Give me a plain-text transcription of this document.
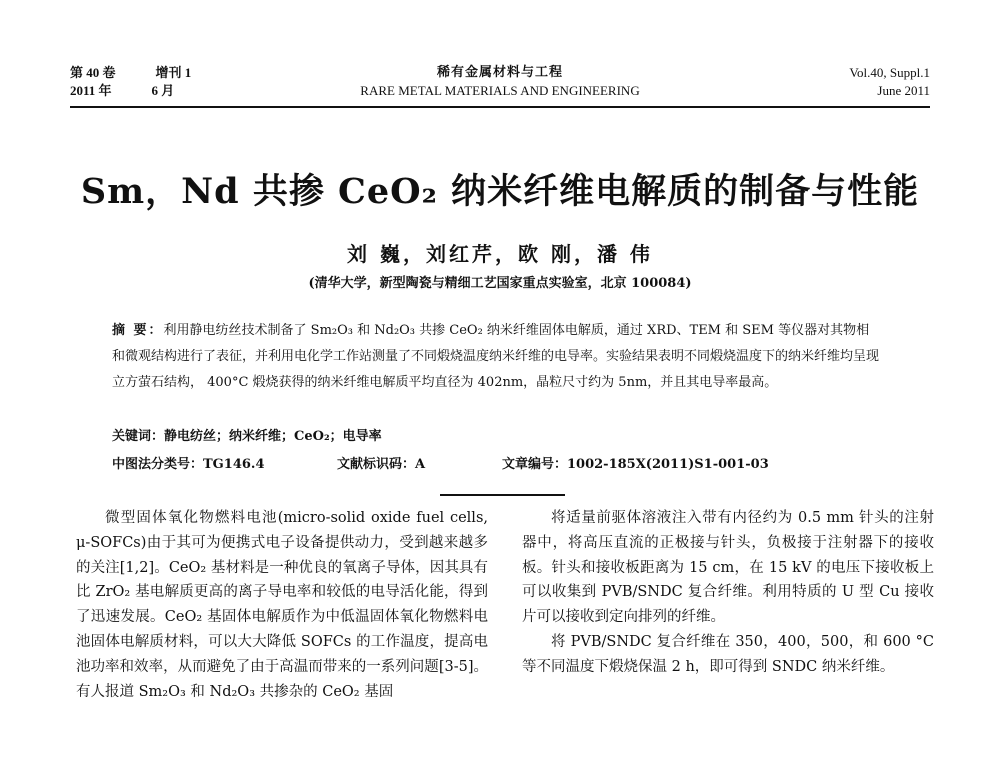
第 40 卷	增刊 1
2011 年	6 月
稀有金属材料与工程
RARE METAL MATERIALS AND ENGINEERING
Vol.40, Suppl.1
June 2011
Sm，Nd 共掺 CeO₂ 纳米纤维电解质的制备与性能
刘 巍，刘红芹，欧 刚，潘 伟
(清华大学，新型陶瓷与精细工艺国家重点实验室，北京 100084)
摘 要：利用静电纺丝技术制备了 Sm₂O₃ 和 Nd₂O₃ 共掺 CeO₂ 纳米纤维固体电解质，通过 XRD、TEM 和 SEM 等仪器对其物相和微观结构进行了表征，并利用电化学工作站测量了不同煅烧温度纳米纤维的电导率。实验结果表明不同煅烧温度下的纳米纤维均呈现立方萤石结构， 400°C 煅烧获得的纳米纤维电解质平均直径为 402nm，晶粒尺寸约为 5nm，并且其电导率最高。
关键词：静电纺丝；纳米纤维；CeO₂；电导率
中图法分类号：TG146.4	文献标识码：A	文章编号：1002-185X(2011)S1-001-03

微型固体氧化物燃料电池(micro-solid oxide fuel cells, μ-SOFCs)由于其可为便携式电子设备提供动力，受到越来越多的关注[1,2]。CeO₂ 基材料是一种优良的氧离子导体，因其具有比 ZrO₂ 基电解质更高的离子导电率和较低的电导活化能，得到了迅速发展。CeO₂ 基固体电解质作为中低温固体氧化物燃料电池固体电解质材料，可以大大降低 SOFCs 的工作温度，提高电池功率和效率，从而避免了由于高温而带来的一系列问题[3-5]。有人报道 Sm₂O₃ 和 Nd₂O₃ 共掺杂的 CeO₂ 基固

将适量前驱体溶液注入带有内径约为 0.5 mm 针头的注射器中，将高压直流的正极接与针头，负极接于注射器下的接收板。针头和接收板距离为 15 cm，在 15 kV 的电压下接收板上可以收集到 PVB/SNDC 复合纤维。利用特质的 U 型 Cu 接收片可以接收到定向排列的纤维。

将 PVB/SNDC 复合纤维在 350，400，500，和 600 °C等不同温度下煅烧保温 2 h，即可得到 SNDC 纳米纤维。
